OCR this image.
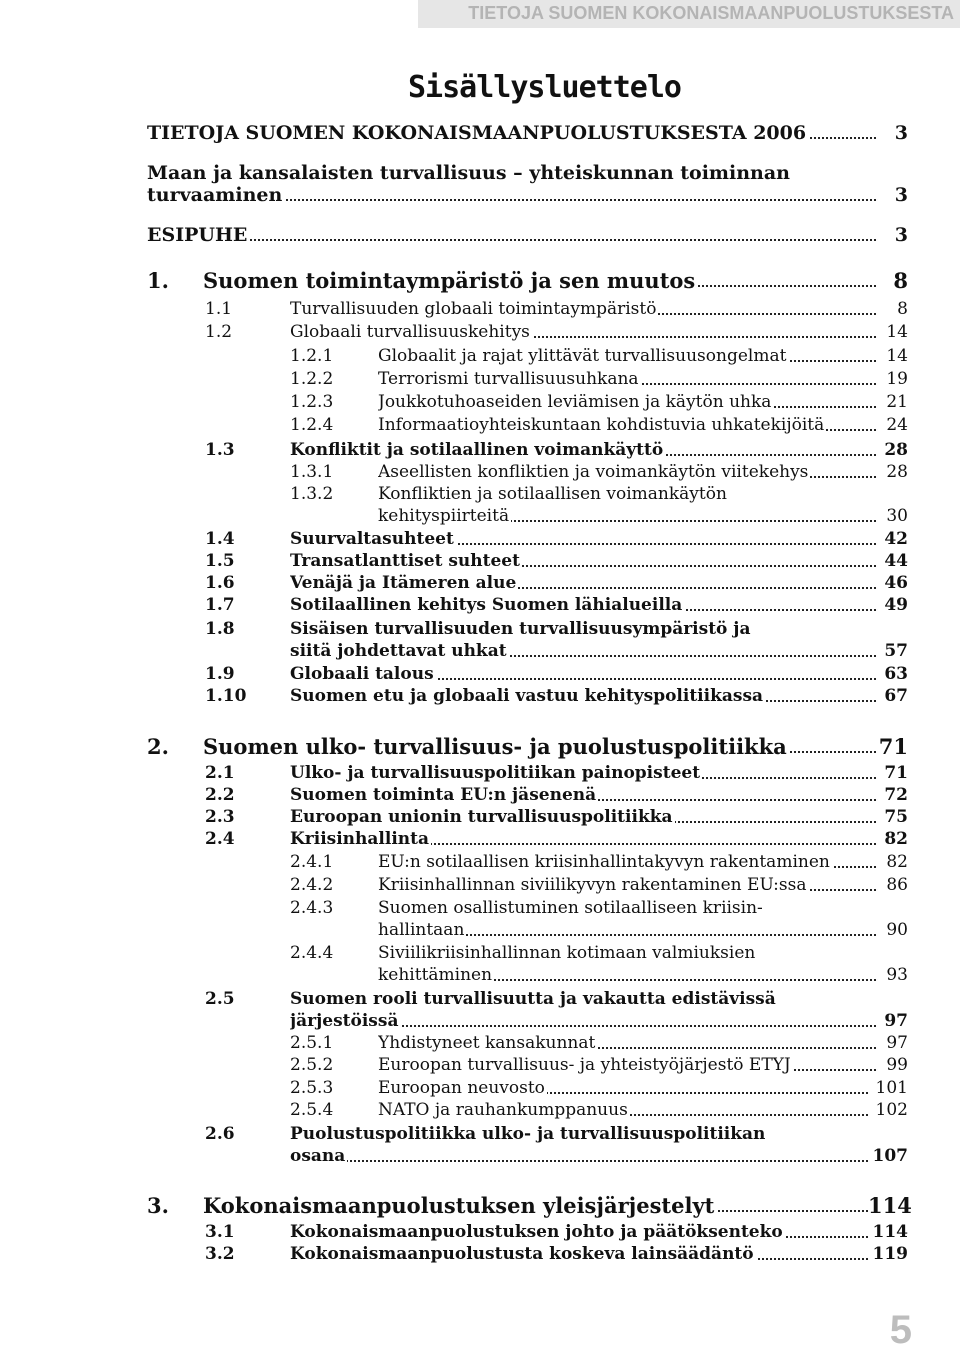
TIETOJA SUOMEN KOKONAISMAANPUOLUSTUKSESTA
Sisällysluettelo
TIETOJA SUOMEN KOKONAISMAANPUOLUSTUKSESTA 2006	3
Maan ja kansalaisten turvallisuus – yhteiskunnan toiminnan
turvaaminen	3
ESIPUHE	3
1. Suomen toimintaympäristö ja sen muutos	8
1.1	Turvallisuuden globaali toimintaympäristö	8
1.2	Globaali turvallisuuskehitys	14
1.2.1	Globaalit ja rajat ylittävät turvallisuusongelmat	14
1.2.2	Terrorismi turvallisuusuhkana	19
1.2.3	Joukkotuhoaseiden leviämisen ja käytön uhka	21
1.2.4	Informaatioyhteiskuntaan kohdistuvia uhkatekijöitä	24
1.3	Konfliktit ja sotilaallinen voimankäyttö	28
1.3.1	Aseellisten konfliktien ja voimankäytön viitekehys	28
1.3.2	Konfliktien ja sotilaallisen voimankäytön
kehityspiirteitä	30
1.4	Suurvaltasuhteet	42
1.5	Transatlanttiset suhteet	44
1.6	Venäjä ja Itämeren alue	46
1.7	Sotilaallinen kehitys Suomen lähialueilla	49
1.8	Sisäisen turvallisuuden turvallisuusympäristö ja
siitä johdettavat uhkat	57
1.9	Globaali talous	63
1.10	Suomen etu ja globaali vastuu kehityspolitiikassa	67
2. Suomen ulko- turvallisuus- ja puolustuspolitiikka	71
2.1	Ulko- ja turvallisuuspolitiikan painopisteet	71
2.2	Suomen toiminta EU:n jäsenenä	72
2.3	Euroopan unionin turvallisuuspolitiikka	75
2.4	Kriisinhallinta	82
2.4.1	EU:n sotilaallisen kriisinhallintakyvyn rakentaminen	82
2.4.2	Kriisinhallinnan siviilikyvyn rakentaminen EU:ssa	86
2.4.3	Suomen osallistuminen sotilaalliseen kriisin-
hallintaan	90
2.4.4	Siviilikriisinhallinnan kotimaan valmiuksien
kehittäminen	93
2.5	Suomen rooli turvallisuutta ja vakautta edistävissä
järjestöissä	97
2.5.1	Yhdistyneet kansakunnat	97
2.5.2	Euroopan turvallisuus- ja yhteistyöjärjestö ETYJ	99
2.5.3	Euroopan neuvosto	101
2.5.4	NATO ja rauhankumppanuus	102
2.6	Puolustuspolitiikka ulko- ja turvallisuuspolitiikan
osana	107
3. Kokonaismaanpuolustuksen yleisjärjestelyt	114
3.1	Kokonaismaanpuolustuksen johto ja päätöksenteko	114
3.2	Kokonaismaanpuolustusta koskeva lainsäädäntö	119
5
